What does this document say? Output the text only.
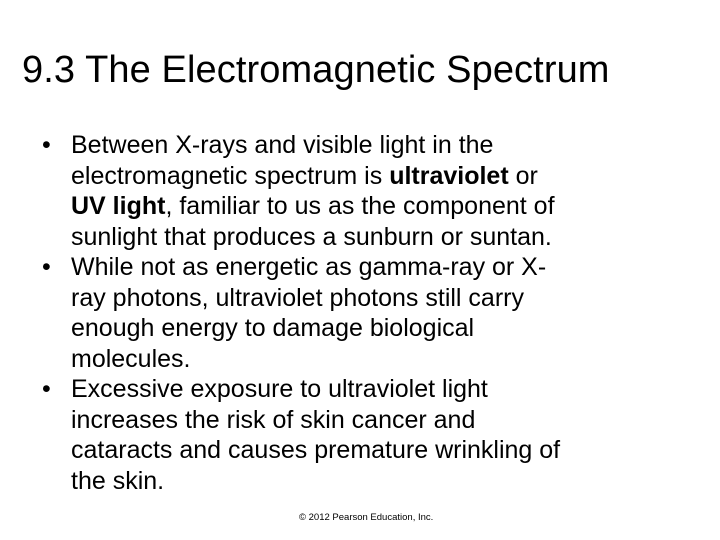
9.3 The Electromagnetic Spectrum
• Between X-rays and visible light in the
electromagnetic spectrum is ultraviolet or
UV light, familiar to us as the component of
sunlight that produces a sunburn or suntan.
• While not as energetic as gamma-ray or X-
ray photons, ultraviolet photons still carry
enough energy to damage biological
molecules.
• Excessive exposure to ultraviolet light
increases the risk of skin cancer and
cataracts and causes premature wrinkling of
the skin.
© 2012 Pearson Education, Inc.
